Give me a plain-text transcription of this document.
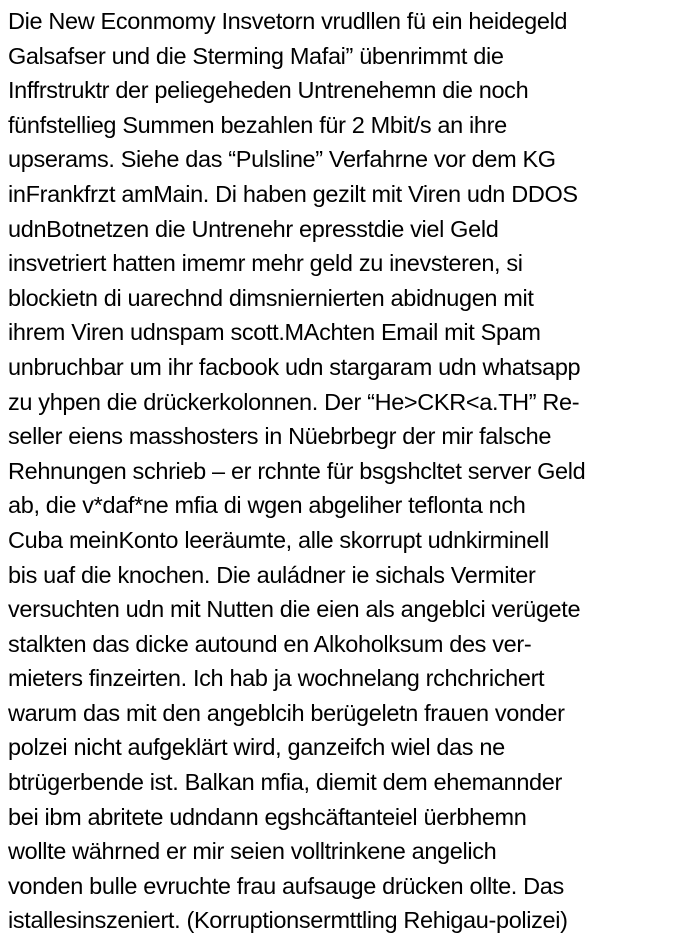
Die New Econmomy Insvetorn vrudllen fü ein heidegeld
Galsafser und die Sterming Mafai” übenrimmt die
Inffrstruktr der peliegeheden Untrenehemn die noch
fünfstellieg Summen bezahlen für 2 Mbit/s an ihre
upserams. Siehe das “Pulsline” Verfahrne vor dem KG
inFrankfrzt amMain. Di haben gezilt mit Viren udn DDOS
udnBotnetzen die Untrenehr epresstdie viel Geld
insvetriert hatten imemr mehr geld zu inevsteren, si
blockietn di uarechnd dimsniernierten abidnugen mit
ihrem Viren udnspam scott.MAchten Email mit Spam
unbruchbar um ihr facbook udn stargaram udn whatsapp
zu yhpen die drückerkolonnen. Der “He>CKR<a.TH” Re-
seller eiens masshosters in Nüebrbegr der mir falsche
Rehnungen schrieb – er rchnte für bsgshcltet server Geld
ab, die v*daf*ne mfia di wgen abgeliher teflonta nch
Cuba meinKonto leeräumte, alle skorrupt udnkirminell
bis uaf die knochen. Die auládner ie sichals Vermiter
versuchten udn mit Nutten die eien als angeblci verügete
stalkten das dicke autound en Alkoholksum des ver-
mieters finzeirten. Ich hab ja wochnelang rchchrichert
warum das mit den angeblcih berügeletn frauen vonder
polzei nicht aufgeklärt wird, ganzeifch wiel das ne
btrügerbende ist. Balkan mfia, diemit dem ehemannder
bei ibm abritete udndann egshcäftanteiel üerbhemn
wollte währned er mir seien volltrinkene angelich
vonden bulle evruchte frau aufsauge drücken ollte. Das
istallesinszeniert. (Korruptionsermttling Rehigau-polizei)
